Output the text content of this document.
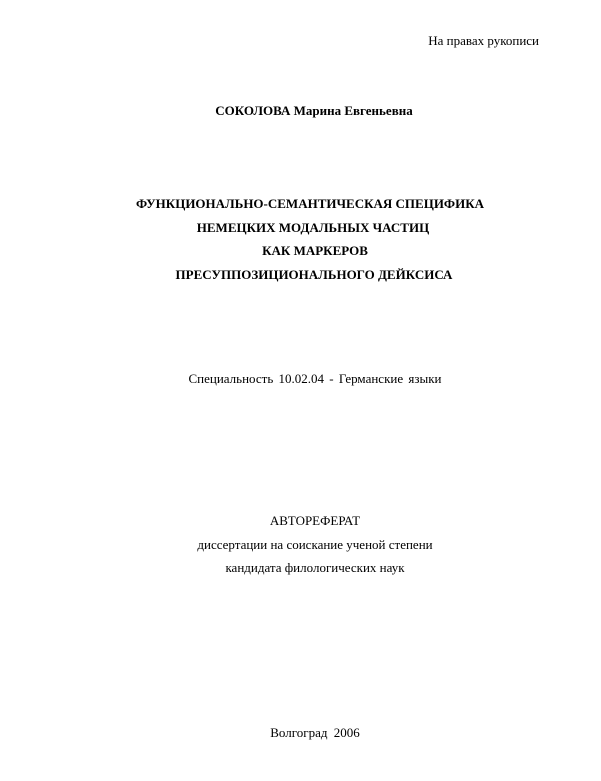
На правах рукописи
СОКОЛОВА Марина Евгеньевна
ФУНКЦИОНАЛЬНО-СЕМАНТИЧЕСКАЯ СПЕЦИФИКА
НЕМЕЦКИХ МОДАЛЬНЫХ ЧАСТИЦ
КАК МАРКЕРОВ
ПРЕСУППОЗИЦИОНАЛЬНОГО ДЕЙКСИСА
Специальность 10.02.04 - Германские языки
АВТОРЕФЕРАТ
диссертации на соискание ученой степени
кандидата филологических наук
Волгоград 2006
